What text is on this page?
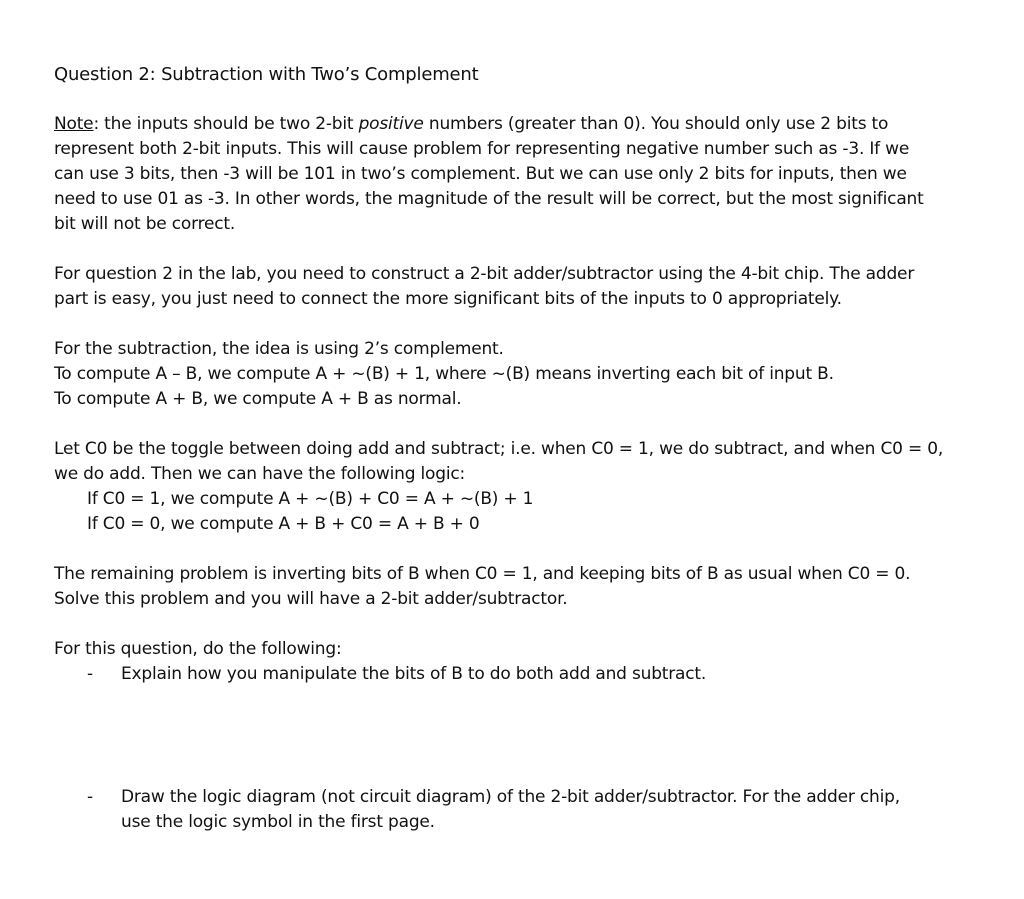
Question 2: Subtraction with Two’s Complement
Note: the inputs should be two 2-bit positive numbers (greater than 0). You should only use 2 bits to
represent both 2-bit inputs. This will cause problem for representing negative number such as -3. If we
can use 3 bits, then -3 will be 101 in two’s complement. But we can use only 2 bits for inputs, then we
need to use 01 as -3. In other words, the magnitude of the result will be correct, but the most significant
bit will not be correct.
For question 2 in the lab, you need to construct a 2-bit adder/subtractor using the 4-bit chip. The adder
part is easy, you just need to connect the more significant bits of the inputs to 0 appropriately.
For the subtraction, the idea is using 2’s complement.
To compute A – B, we compute A + ~(B) + 1, where ~(B) means inverting each bit of input B.
To compute A + B, we compute A + B as normal.
Let C0 be the toggle between doing add and subtract; i.e. when C0 = 1, we do subtract, and when C0 = 0,
we do add. Then we can have the following logic:
If C0 = 1, we compute A + ~(B) + C0 = A + ~(B) + 1
If C0 = 0, we compute A + B + C0 = A + B + 0
The remaining problem is inverting bits of B when C0 = 1, and keeping bits of B as usual when C0 = 0.
Solve this problem and you will have a 2-bit adder/subtractor.
For this question, do the following:
- Explain how you manipulate the bits of B to do both add and subtract.
- Draw the logic diagram (not circuit diagram) of the 2-bit adder/subtractor. For the adder chip,
use the logic symbol in the first page.
